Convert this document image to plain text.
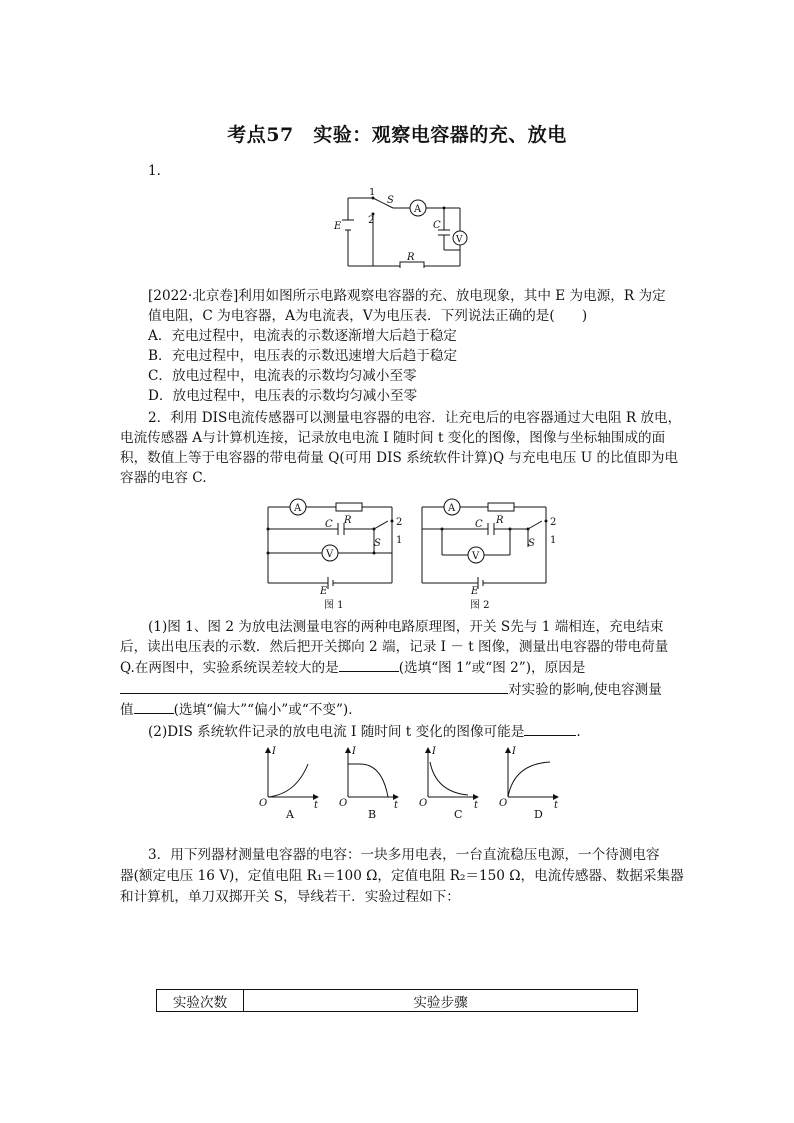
考点57　实验：观察电容器的充、放电
1.
1
2
S
A
E	C
V
R
[2022·北京卷]利用如图所示电路观察电容器的充、放电现象，其中 E 为电源，R 为定
值电阻，C 为电容器，A为电流表，V为电压表．下列说法正确的是(　　)
A．充电过程中，电流表的示数逐渐增大后趋于稳定
B．充电过程中，电压表的示数迅速增大后趋于稳定
C．放电过程中，电流表的示数均匀减小至零
D．放电过程中，电压表的示数均匀减小至零
2．利用 DIS电流传感器可以测量电容器的电容．让充电后的电容器通过大电阻 R 放电，
电流传感器 A与计算机连接，记录放电电流 I 随时间 t 变化的图像，图像与坐标轴围成的面
积，数值上等于电容器的带电荷量 Q(可用 DIS 系统软件计算)Q 与充电电压 U 的比值即为电
容器的电容 C.
A
R
C
S
V
E
2
1
图 1
A
R
C
S
V
E
2
1
图 2
(1)图 1、图 2 为放电法测量电容的两种电路原理图，开关 S先与 1 端相连，充电结束
后，读出电压表的示数．然后把开关掷向 2 端，记录 I － t 图像，测量出电容器的带电荷量
Q.在两图中，实验系统误差较大的是	(选填“图 1”或“图 2”)，原因是
对实验的影响,使电容测量
值	(选填“偏大”“偏小”或“不变”)．
(2)DIS 系统软件记录的放电电流 I 随时间 t 变化的图像可能是	.
I
t
O
A
I
t
O
B
I
t
O
C
I
t
O
D
3．用下列器材测量电容器的电容：一块多用电表，一台直流稳压电源，一个待测电容
器(额定电压 16 V)，定值电阻 R₁＝100 Ω，定值电阻 R₂＝150 Ω，电流传感器、数据采集器
和计算机，单刀双掷开关 S，导线若干．实验过程如下：
实验次数	实验步骤
